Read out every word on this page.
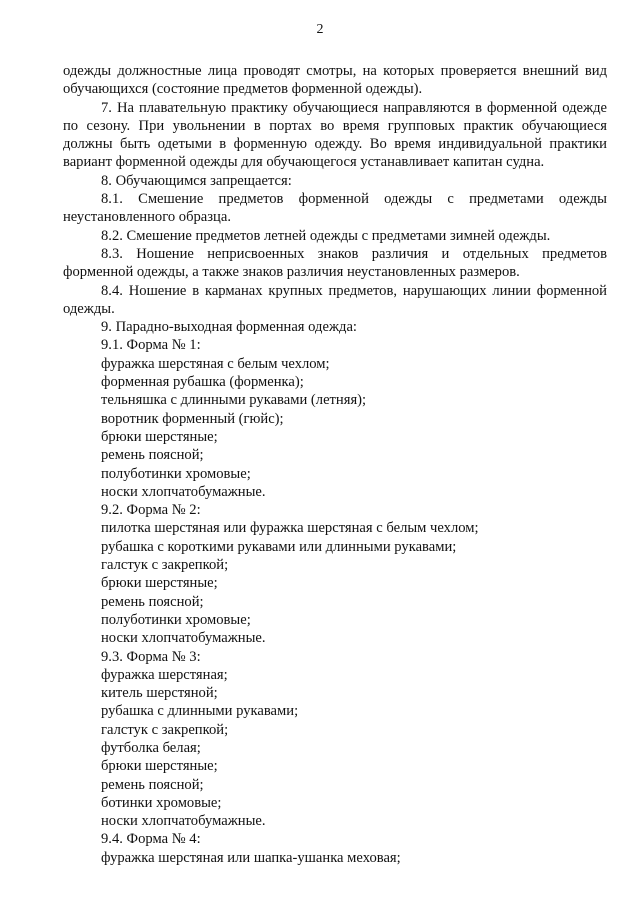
2

одежды должностные лица проводят смотры, на которых проверяется внешний вид обучающихся (состояние предметов форменной одежды).

7. На плавательную практику обучающиеся направляются в форменной одежде по сезону. При увольнении в портах во время групповых практик обучающиеся должны быть одетыми в форменную одежду. Во время индивидуальной практики вариант форменной одежды для обучающегося устанавливает капитан судна.

8. Обучающимся запрещается:

8.1. Смешение предметов форменной одежды с предметами одежды неустановленного образца.

8.2. Смешение предметов летней одежды с предметами зимней одежды.

8.3. Ношение неприсвоенных знаков различия и отдельных предметов форменной одежды, а также знаков различия неустановленных размеров.

8.4. Ношение в карманах крупных предметов, нарушающих линии форменной одежды.

9. Парадно-выходная форменная одежда:

9.1. Форма № 1:

фуражка шерстяная с белым чехлом;

форменная рубашка (форменка);

тельняшка с длинными рукавами (летняя);

воротник форменный (гюйс);

брюки шерстяные;

ремень поясной;

полуботинки хромовые;

носки хлопчатобумажные.

9.2. Форма № 2:

пилотка шерстяная или фуражка шерстяная с белым чехлом;

рубашка с короткими рукавами или длинными рукавами;

галстук с закрепкой;

брюки шерстяные;

ремень поясной;

полуботинки хромовые;

носки хлопчатобумажные.

9.3. Форма № 3:

фуражка шерстяная;

китель шерстяной;

рубашка с длинными рукавами;

галстук с закрепкой;

футболка белая;

брюки шерстяные;

ремень поясной;

ботинки хромовые;

носки хлопчатобумажные.

9.4. Форма № 4:

фуражка шерстяная или шапка-ушанка меховая;
